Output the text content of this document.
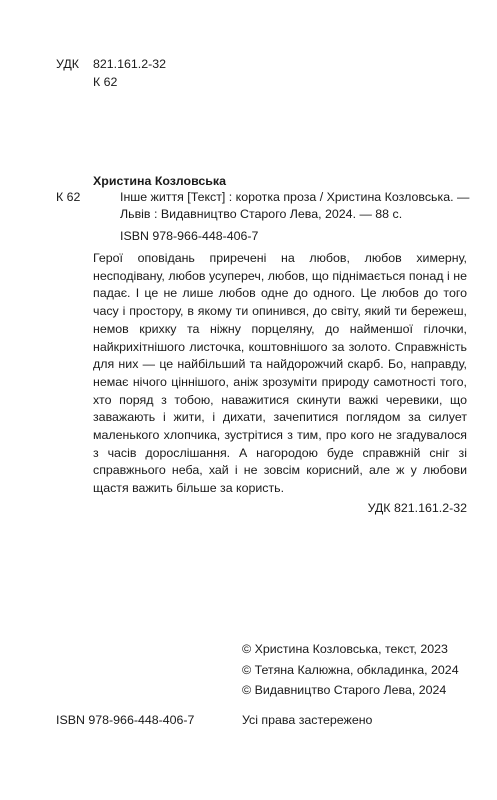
УДК 821.161.2-32
К 62
Христина Козловська
К 62	Інше життя [Текст] : коротка проза / Христина Козловська. — Львів : Видавництво Старого Лева, 2024. — 88 с.
ISBN 978-966-448-406-7

Герої оповідань приречені на любов, любов химерну, несподівану, любов усупереч, любов, що піднімається понад і не падає. І це не лише любов одне до одного. Це любов до того часу і простору, в якому ти опинився, до світу, який ти бережеш, немов крихку та ніжну порцеляну, до найменшої гілочки, найкрихітнішого листочка, коштовнішого за золото. Справжність для них — це найбільший та найдорожчий скарб. Бо, направду, немає нічого ціннішого, аніж зрозуміти природу самотності того, хто поряд з тобою, наважитися скинути важкі черевики, що заважають і жити, і дихати, зачепитися поглядом за силует маленького хлопчика, зустрітися з тим, про кого не згадувалося з часів дорослішання. А нагородою буде справжній сніг зі справжнього неба, хай і не зовсім корисний, але ж у любови щастя важить більше за користь.

УДК 821.161.2-32
© Христина Козловська, текст, 2023
© Тетяна Калюжна, обкладинка, 2024
© Видавництво Старого Лева, 2024
ISBN 978-966-448-406-7	Усі права застережено
